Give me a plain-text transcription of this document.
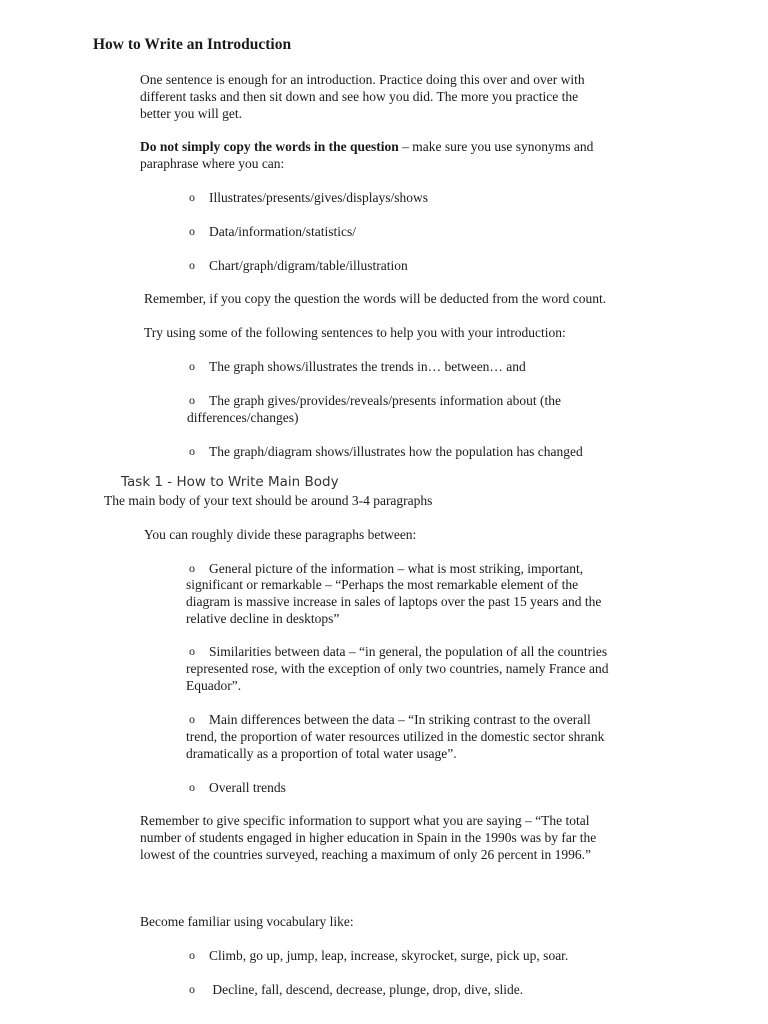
How to Write an Introduction
One sentence is enough for an introduction. Practice doing this over and over with
different tasks and then sit down and see how you did. The more you practice the
better you will get.
Do not simply copy the words in the question – make sure you use synonyms and
paraphrase where you can:
o Illustrates/presents/gives/displays/shows
o Data/information/statistics/
o Chart/graph/digram/table/illustration
Remember, if you copy the question the words will be deducted from the word count.
Try using some of the following sentences to help you with your introduction:
o The graph shows/illustrates the trends in… between… and
o The graph gives/provides/reveals/presents information about (the
differences/changes)
o The graph/diagram shows/illustrates how the population has changed
Task 1 - How to Write Main Body
The main body of your text should be around 3-4 paragraphs
You can roughly divide these paragraphs between:
o General picture of the information – what is most striking, important,
significant or remarkable – “Perhaps the most remarkable element of the
diagram is massive increase in sales of laptops over the past 15 years and the
relative decline in desktops”
o Similarities between data – “in general, the population of all the countries
represented rose, with the exception of only two countries, namely France and
Equador”.
o Main differences between the data – “In striking contrast to the overall
trend, the proportion of water resources utilized in the domestic sector shrank
dramatically as a proportion of total water usage”.
o Overall trends
Remember to give specific information to support what you are saying – “The total
number of students engaged in higher education in Spain in the 1990s was by far the
lowest of the countries surveyed, reaching a maximum of only 26 percent in 1996.”
Become familiar using vocabulary like:
o Climb, go up, jump, leap, increase, skyrocket, surge, pick up, soar.
o Decline, fall, descend, decrease, plunge, drop, dive, slide.
